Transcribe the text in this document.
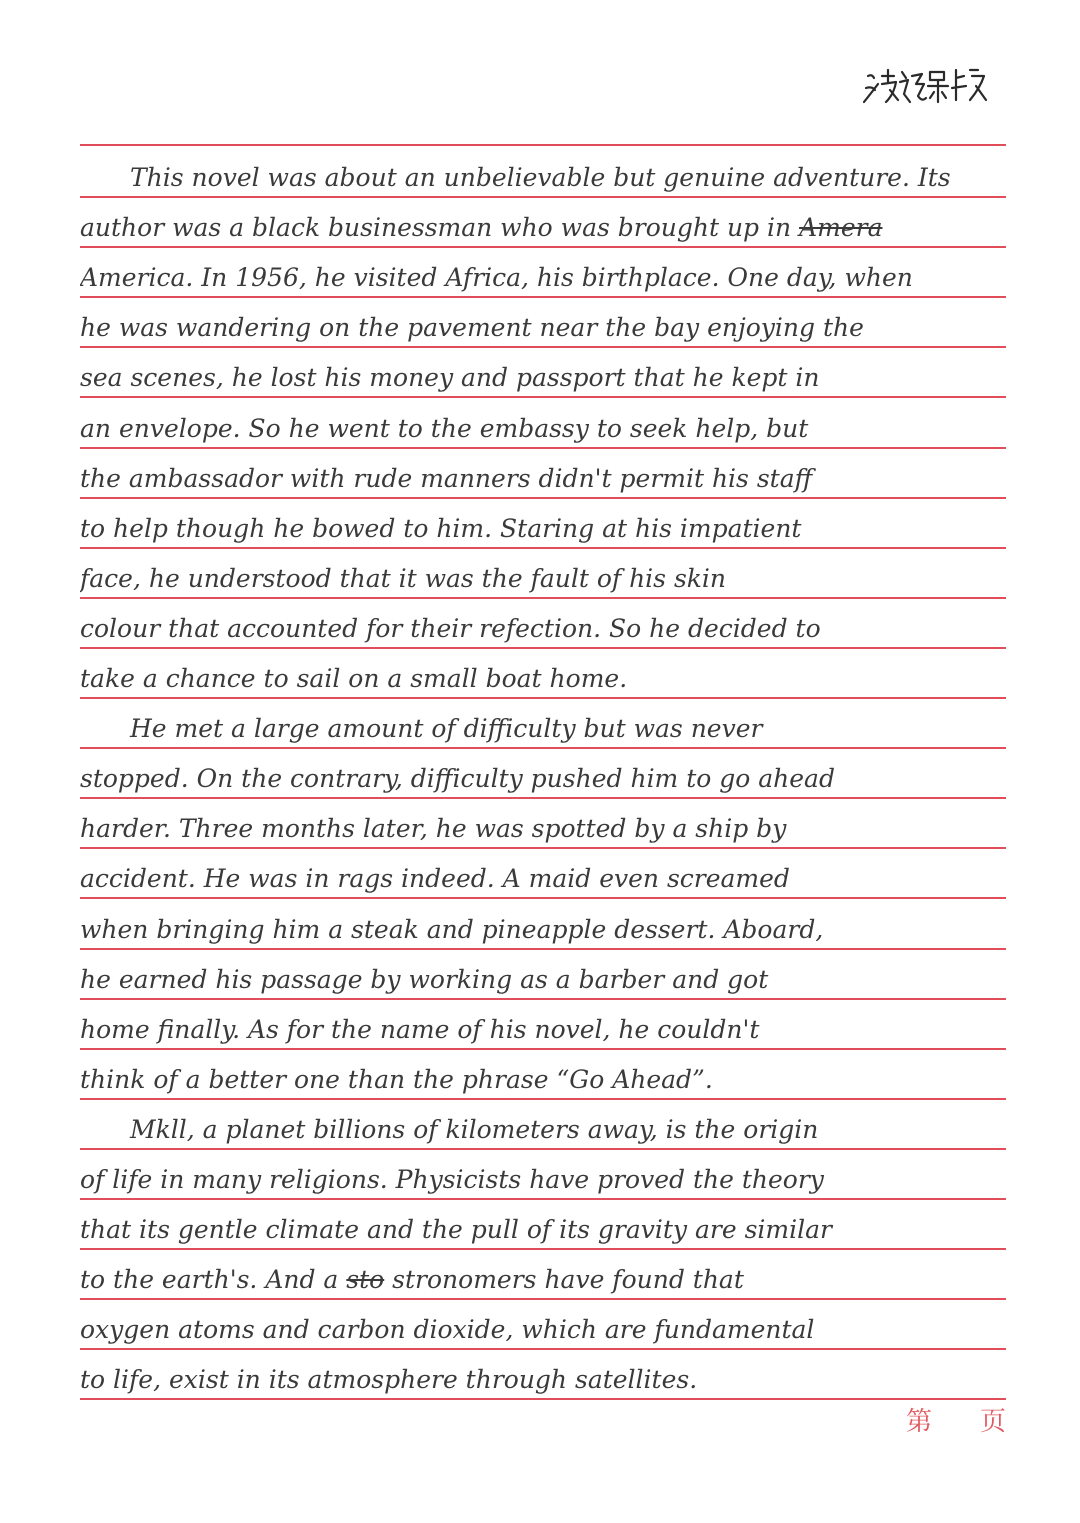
This novel was about an unbelievable but genuine adventure. Its
author was a black businessman who was brought up in Amera
America. In 1956, he visited Africa, his birthplace. One day, when
he was wandering on the pavement near the bay enjoying the
sea scenes, he lost his money and passport that he kept in
an envelope. So he went to the embassy to seek help, but
the ambassador with rude manners didn't permit his staff
to help though he bowed to him. Staring at his impatient
face, he understood that it was the fault of his skin
colour that accounted for their refection. So he decided to
take a chance to sail on a small boat home.
He met a large amount of difficulty but was never
stopped. On the contrary, difficulty pushed him to go ahead
harder. Three months later, he was spotted by a ship by
accident. He was in rags indeed. A maid even screamed
when bringing him a steak and pineapple dessert. Aboard,
he earned his passage by working as a barber and got
home finally. As for the name of his novel, he couldn't
think of a better one than the phrase “Go Ahead”.
Mkll, a planet billions of kilometers away, is the origin
of life in many religions. Physicists have proved the theory
that its gentle climate and the pull of its gravity are similar
to the earth's. And a sto stronomers have found that
oxygen atoms and carbon dioxide, which are fundamental
to life, exist in its atmosphere through satellites.
第 页
